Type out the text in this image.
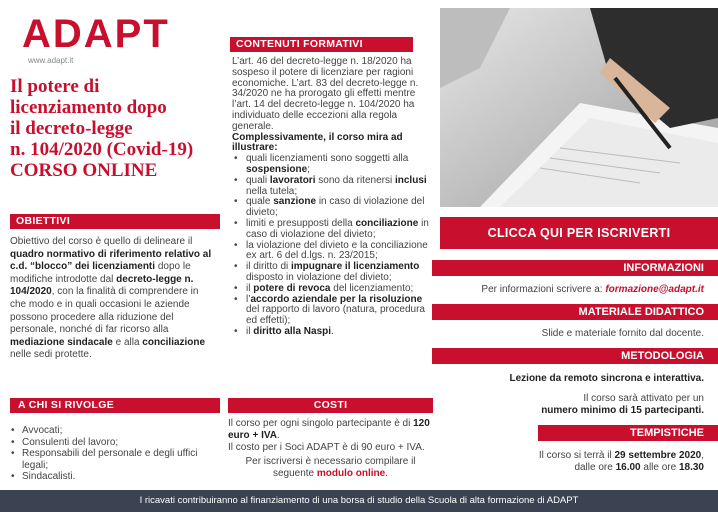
ADAPT
www.adapt.it
Il potere di
licenziamento dopo
il decreto-legge
n. 104/2020 (Covid-19)
CORSO ONLINE
OBIETTIVI
Obiettivo del corso è quello di delineare il quadro normativo di riferimento relativo al c.d. “blocco” dei licenziamenti dopo le modifiche introdotte dal decreto-legge n. 104/2020, con la finalità di comprendere in che modo e in quali occasioni le aziende possono procedere alla riduzione del personale, nonché di far ricorso alla mediazione sindacale e alla conciliazione nelle sedi protette.
A CHI SI RIVOLGE
• Avvocati;
• Consulenti del lavoro;
• Responsabili del personale e degli uffici legali;
• Sindacalisti.
CONTENUTI FORMATIVI

L’art. 46 del decreto-legge n. 18/2020 ha sospeso il potere di licenziare per ragioni economiche. L’art. 83 del decreto-legge n. 34/2020 ne ha prorogato gli effetti mentre l’art. 14 del decreto-legge n. 104/2020 ha individuato delle eccezioni alla regola generale.

Complessivamente, il corso mira ad illustrare:

• quali licenziamenti sono soggetti alla sospensione;
• quali lavoratori sono da ritenersi inclusi nella tutela;
• quale sanzione in caso di violazione del divieto;
• limiti e presupposti della conciliazione in caso di violazione del divieto;
• la violazione del divieto e la conciliazione ex art. 6 del d.lgs. n. 23/2015;
• il diritto di impugnare il licenziamento disposto in violazione del divieto;
• il potere di revoca del licenziamento;
• l’accordo aziendale per la risoluzione del rapporto di lavoro (natura, procedura ed effetti);
• il diritto alla Naspi.
COSTI
Il corso per ogni singolo partecipante è di 120 euro + IVA.
Il costo per i Soci ADAPT è di 90 euro + IVA.
Per iscriversi è necessario compilare il seguente modulo online.
CLICCA QUI PER ISCRIVERTI
INFORMAZIONI
Per informazioni scrivere a: formazione@adapt.it
MATERIALE DIDATTICO
Slide e materiale fornito dal docente.
METODOLOGIA
Lezione da remoto sincrona e interattiva.
Il corso sarà attivato per un
numero minimo di 15 partecipanti.
TEMPISTICHE
Il corso si terrà il 29 settembre 2020,
dalle ore 16.00 alle ore 18.30
I ricavati contribuiranno al finanziamento di una borsa di studio della Scuola di alta formazione di ADAPT
